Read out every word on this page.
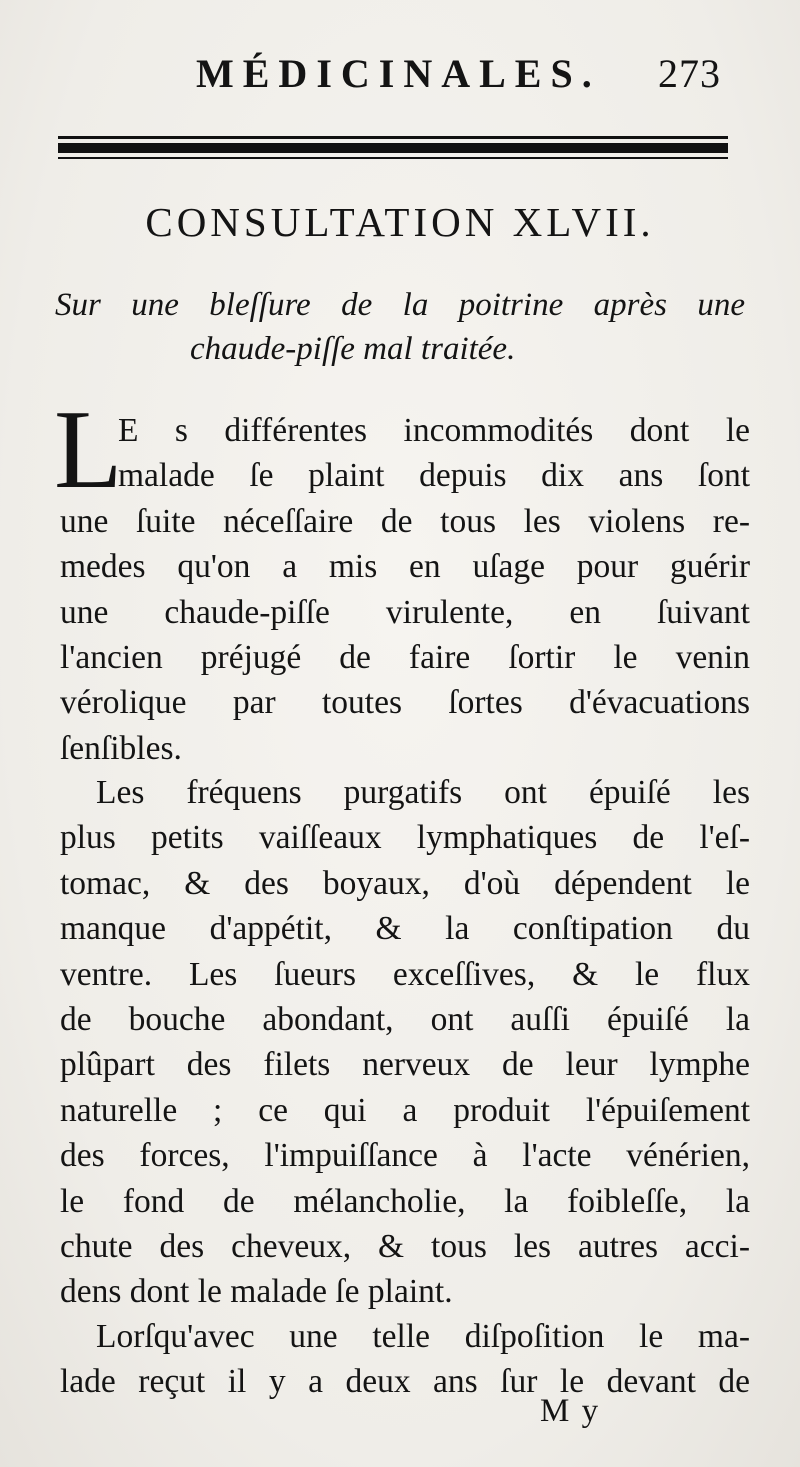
MÉDICINALES. 273
CONSULTATION XLVII.
Sur une bleſſure de la poitrine après une
chaude-piſſe mal traitée.
L
E s différentes incommodités dont le
malade ſe plaint depuis dix ans ſont
une ſuite néceſſaire de tous les violens re-
medes qu'on a mis en uſage pour guérir
une chaude-piſſe virulente, en ſuivant
l'ancien préjugé de faire ſortir le venin
vérolique par toutes ſortes d'évacuations
ſenſibles.
Les fréquens purgatifs ont épuiſé les
plus petits vaiſſeaux lymphatiques de l'eſ-
tomac, & des boyaux, d'où dépendent le
manque d'appétit, & la conſtipation du
ventre. Les ſueurs exceſſives, & le flux
de bouche abondant, ont auſſi épuiſé la
plûpart des filets nerveux de leur lymphe
naturelle ; ce qui a produit l'épuiſement
des forces, l'impuiſſance à l'acte vénérien,
le fond de mélancholie, la foibleſſe, la
chute des cheveux, & tous les autres acci-
dens dont le malade ſe plaint.
Lorſqu'avec une telle diſpoſition le ma-
lade reçut il y a deux ans ſur le devant de
M y
